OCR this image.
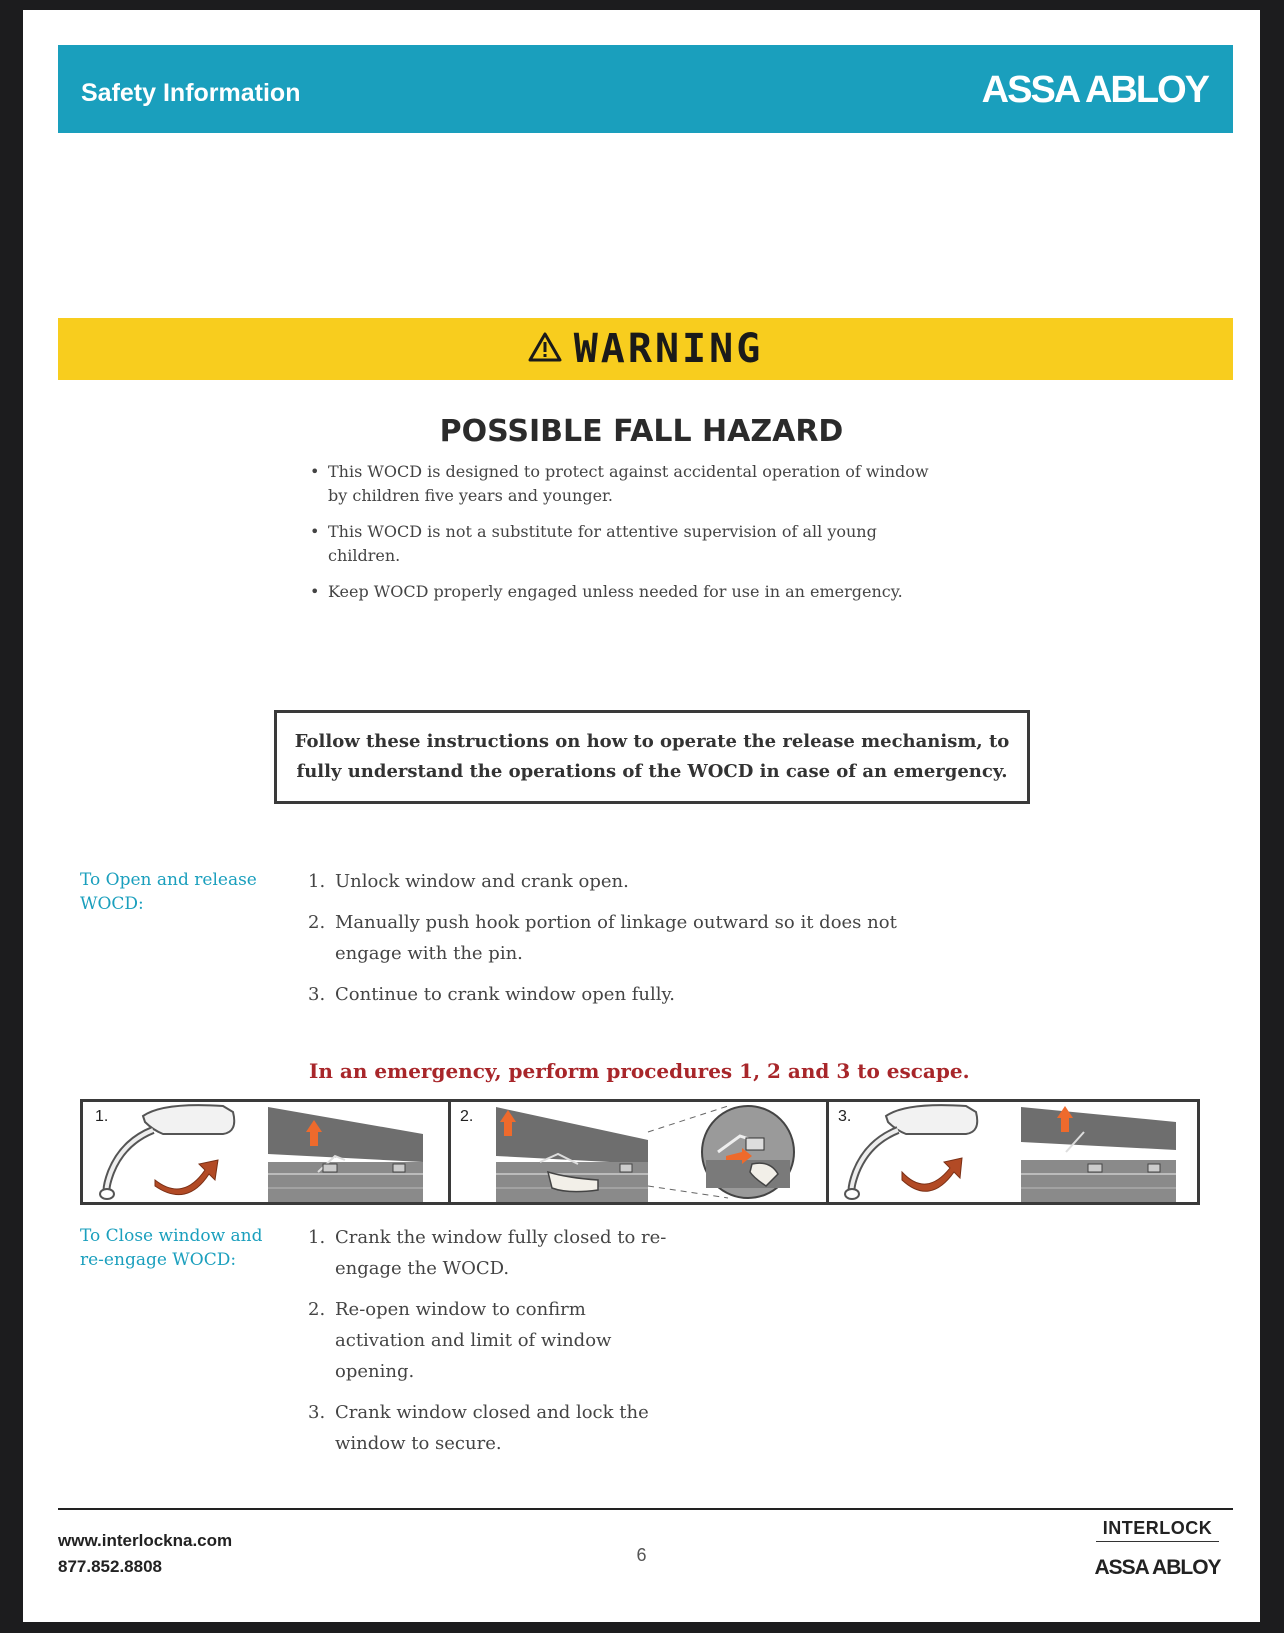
Safety Information	ASSA ABLOY
WARNING
POSSIBLE FALL HAZARD
• This WOCD is designed to protect against accidental operation of window by children five years and younger.
• This WOCD is not a substitute for attentive supervision of all young children.
• Keep WOCD properly engaged unless needed for use in an emergency.
Follow these instructions on how to operate the release mechanism, to fully understand the operations of the WOCD in case of an emergency.
To Open and release WOCD:
1. Unlock window and crank open.
2. Manually push hook portion of linkage outward so it does not engage with the pin.
3. Continue to crank window open fully.
In an emergency, perform procedures 1, 2 and 3 to escape.
1.	2.	3.
To Close window and re-engage WOCD:
1. Crank the window fully closed to re-engage the WOCD.
2. Re-open window to confirm activation and limit of window opening.
3. Crank window closed and lock the window to secure.
www.interlockna.com
877.852.8808
6
INTERLOCK
ASSA ABLOY
